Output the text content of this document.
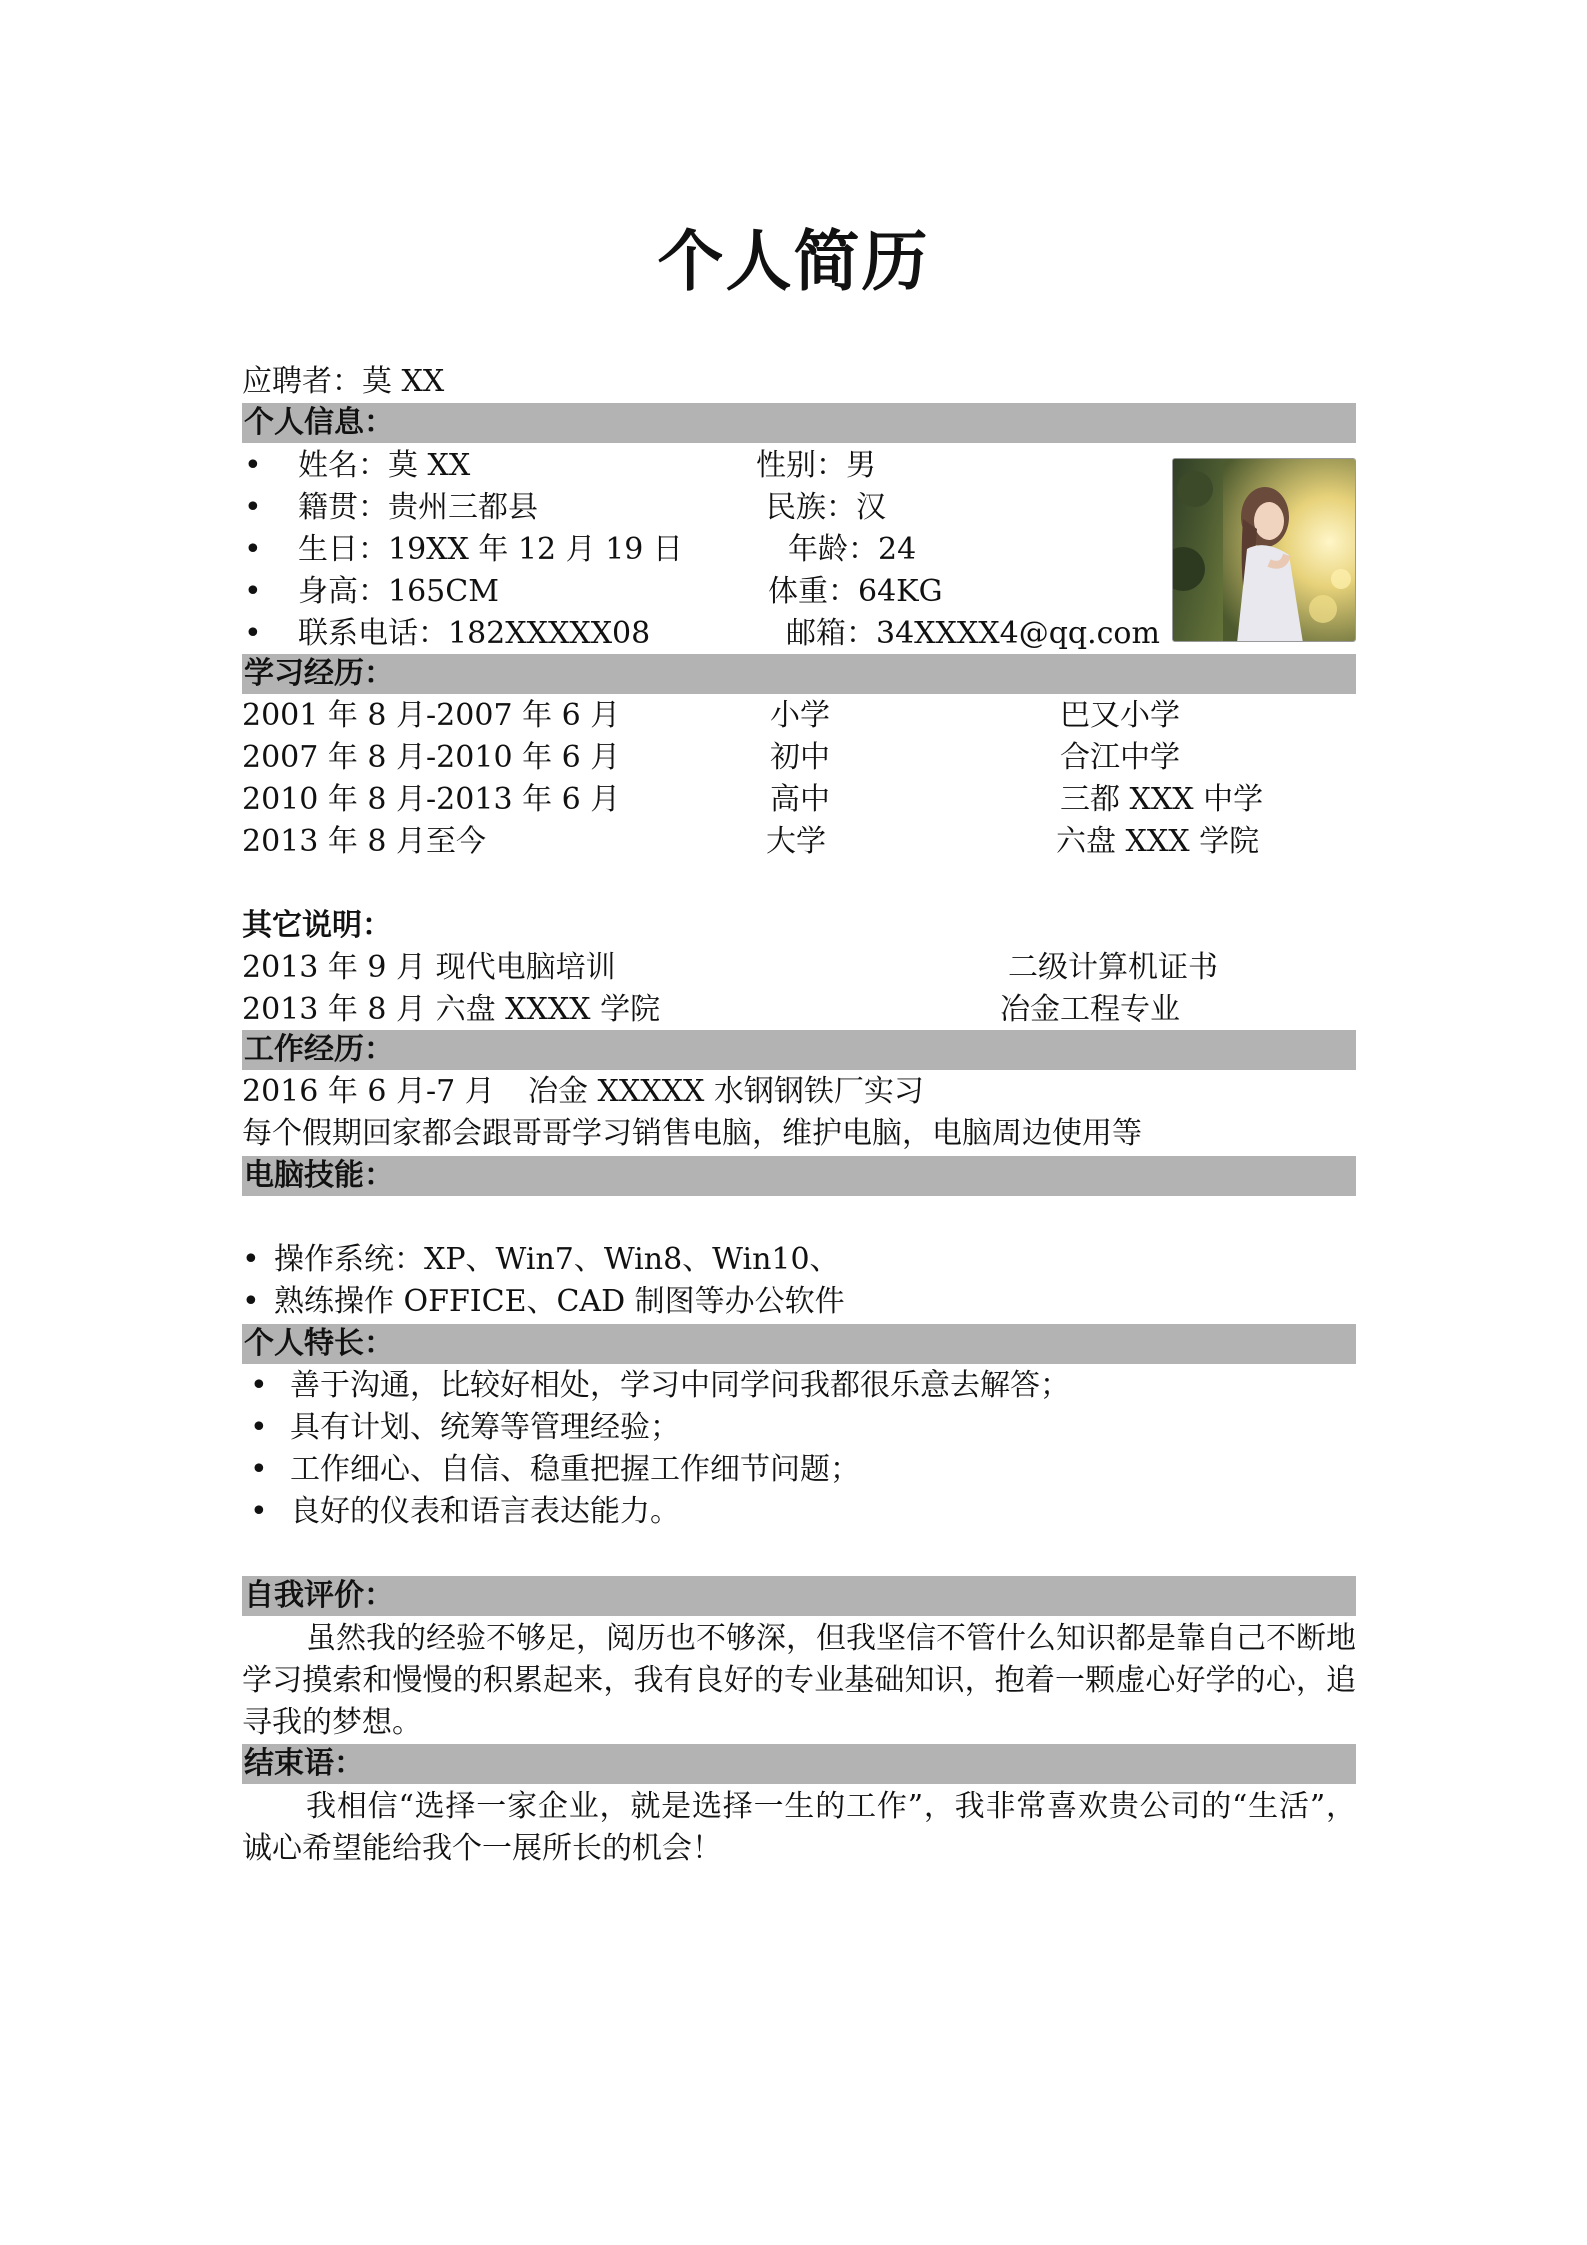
个人简历
应聘者：莫 XX
个人信息：
• 姓名：莫 XX	性别：男
• 籍贯：贵州三都县	民族：汉
• 生日：19XX 年 12 月 19 日	年龄：24
• 身高：165CM	体重：64KG
• 联系电话：182XXXXX08	邮箱：34XXXX4@qq.com
学习经历：
2001 年 8 月-2007 年 6 月	小学	巴又小学
2007 年 8 月-2010 年 6 月	初中	合江中学
2010 年 8 月-2013 年 6 月	高中	三都 XXX 中学
2013 年 8 月至今	大学	六盘 XXX 学院
其它说明：
2013 年 9 月 现代电脑培训	二级计算机证书
2013 年 8 月 六盘 XXXX 学院	冶金工程专业
工作经历：
2016 年 6 月-7 月 冶金 XXXXX 水钢钢铁厂实习
每个假期回家都会跟哥哥学习销售电脑，维护电脑，电脑周边使用等
电脑技能：
• 操作系统：XP、Win7、Win8、Win10、
• 熟练操作 OFFICE、CAD 制图等办公软件
个人特长：
• 善于沟通，比较好相处，学习中同学问我都很乐意去解答；
• 具有计划、统筹等管理经验；
• 工作细心、自信、稳重把握工作细节问题；
• 良好的仪表和语言表达能力。
自我评价：
虽然我的经验不够足，阅历也不够深，但我坚信不管什么知识都是靠自己不断地学习摸索和慢慢的积累起来，我有良好的专业基础知识，抱着一颗虚心好学的心，追寻我的梦想。
结束语：
我相信“选择一家企业，就是选择一生的工作”，我非常喜欢贵公司的“生活”，诚心希望能给我个一展所长的机会！
